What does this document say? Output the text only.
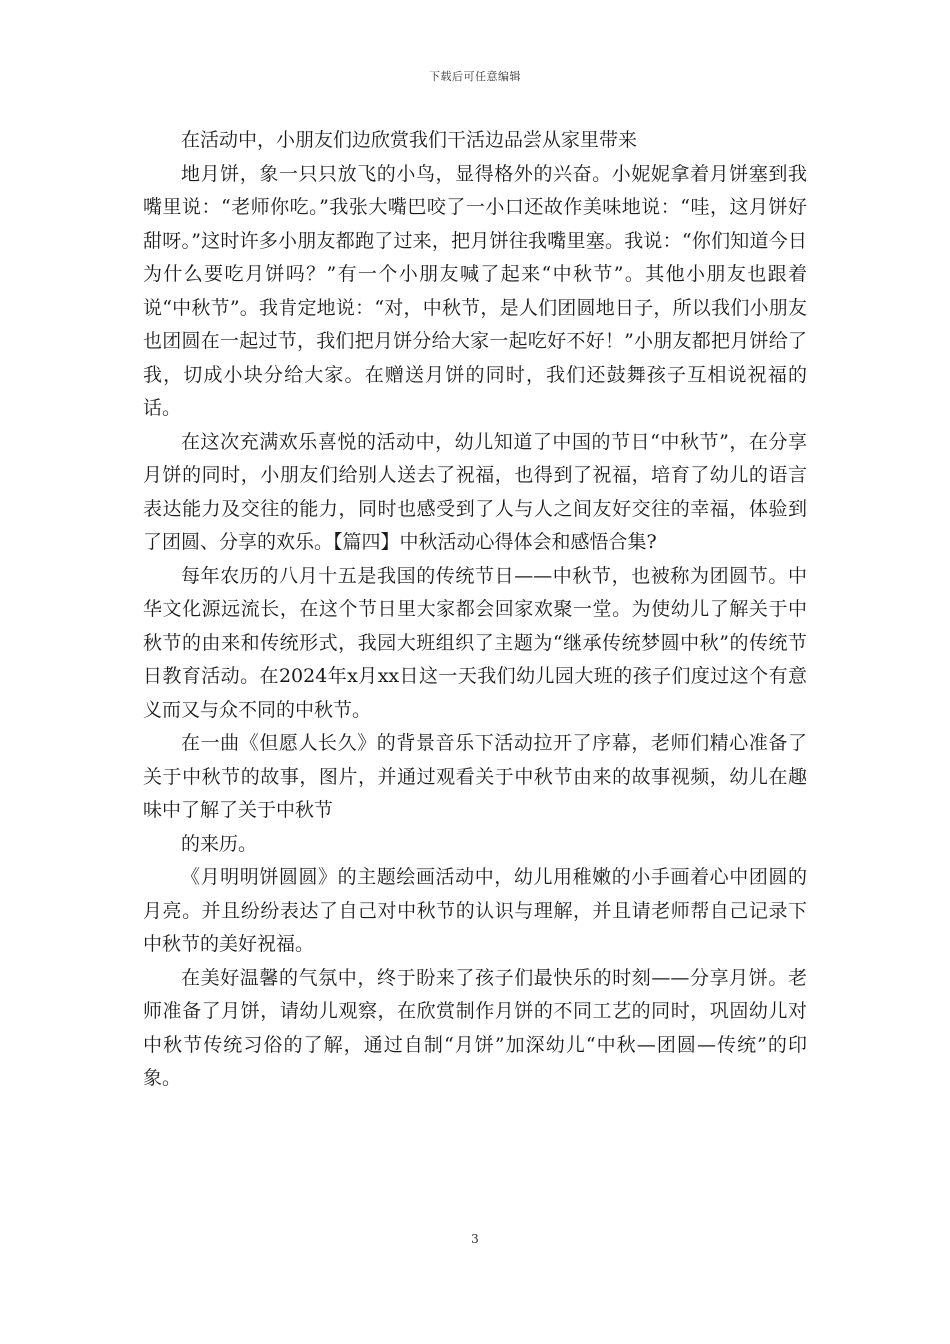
下载后可任意编辑

在活动中，小朋友们边欣赏我们干活边品尝从家里带来

地月饼，象一只只放飞的小鸟，显得格外的兴奋。小妮妮拿着月饼塞到我嘴里说：“老师你吃。”我张大嘴巴咬了一小口还故作美味地说：“哇，这月饼好甜呀。”这时许多小朋友都跑了过来，把月饼往我嘴里塞。我说：“你们知道今日为什么要吃月饼吗？”有一个小朋友喊了起来“中秋节”。其他小朋友也跟着说“中秋节”。我肯定地说：“对，中秋节，是人们团圆地日子，所以我们小朋友也团圆在一起过节，我们把月饼分给大家一起吃好不好！”小朋友都把月饼给了我，切成小块分给大家。在赠送月饼的同时，我们还鼓舞孩子互相说祝福的话。

在这次充满欢乐喜悦的活动中，幼儿知道了中国的节日“中秋节”，在分享月饼的同时，小朋友们给别人送去了祝福，也得到了祝福，培育了幼儿的语言表达能力及交往的能力，同时也感受到了人与人之间友好交往的幸福，体验到了团圆、分享的欢乐。【篇四】中秋活动心得体会和感悟合集?

每年农历的八月十五是我国的传统节日——中秋节，也被称为团圆节。中华文化源远流长，在这个节日里大家都会回家欢聚一堂。为使幼儿了解关于中秋节的由来和传统形式，我园大班组织了主题为“继承传统梦圆中秋”的传统节日教育活动。在2024年x月xx日这一天我们幼儿园大班的孩子们度过这个有意义而又与众不同的中秋节。

在一曲《但愿人长久》的背景音乐下活动拉开了序幕，老师们精心准备了关于中秋节的故事，图片，并通过观看关于中秋节由来的故事视频，幼儿在趣味中了解了关于中秋节

的来历。

《月明明饼圆圆》的主题绘画活动中，幼儿用稚嫩的小手画着心中团圆的月亮。并且纷纷表达了自己对中秋节的认识与理解，并且请老师帮自己记录下中秋节的美好祝福。

在美好温馨的气氛中，终于盼来了孩子们最快乐的时刻——分享月饼。老师准备了月饼，请幼儿观察，在欣赏制作月饼的不同工艺的同时，巩固幼儿对中秋节传统习俗的了解，通过自制“月饼”加深幼儿“中秋—团圆—传统”的印象。

3
